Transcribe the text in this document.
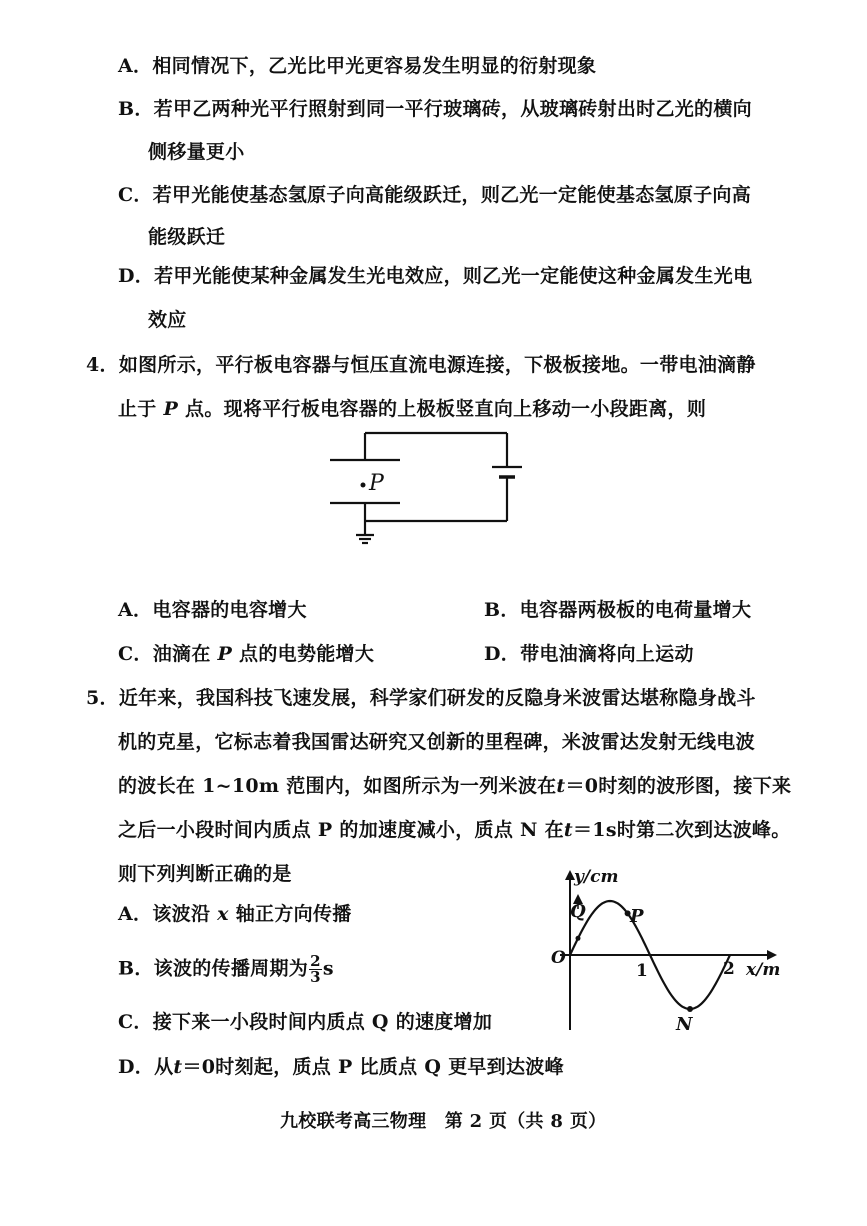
A．相同情况下，乙光比甲光更容易发生明显的衍射现象
B．若甲乙两种光平行照射到同一平行玻璃砖，从玻璃砖射出时乙光的横向
侧移量更小
C．若甲光能使基态氢原子向高能级跃迁，则乙光一定能使基态氢原子向高
能级跃迁
D．若甲光能使某种金属发生光电效应，则乙光一定能使这种金属发生光电
效应
4．如图所示，平行板电容器与恒压直流电源连接，下极板接地。一带电油滴静
止于 P 点。现将平行板电容器的上极板竖直向上移动一小段距离，则
P
A．电容器的电容增大	B．电容器两极板的电荷量增大
C．油滴在 P 点的电势能增大	D．带电油滴将向上运动
5．近年来，我国科技飞速发展，科学家们研发的反隐身米波雷达堪称隐身战斗
机的克星，它标志着我国雷达研究又创新的里程碑，米波雷达发射无线电波
的波长在 1~10m 范围内，如图所示为一列米波在t＝0时刻的波形图，接下来
之后一小段时间内质点 P 的加速度减小，质点 N 在t＝1s时第二次到达波峰。
则下列判断正确的是
A．该波沿 x 轴正方向传播
B．该波的传播周期为 $\frac{2}{3}$ s
C．接下来一小段时间内质点 Q 的速度增加
D．从t＝0时刻起，质点 P 比质点 Q 更早到达波峰
y/cm
x/m
O
1	2
Q P
N
九校联考高三物理　第 2 页（共 8 页）
